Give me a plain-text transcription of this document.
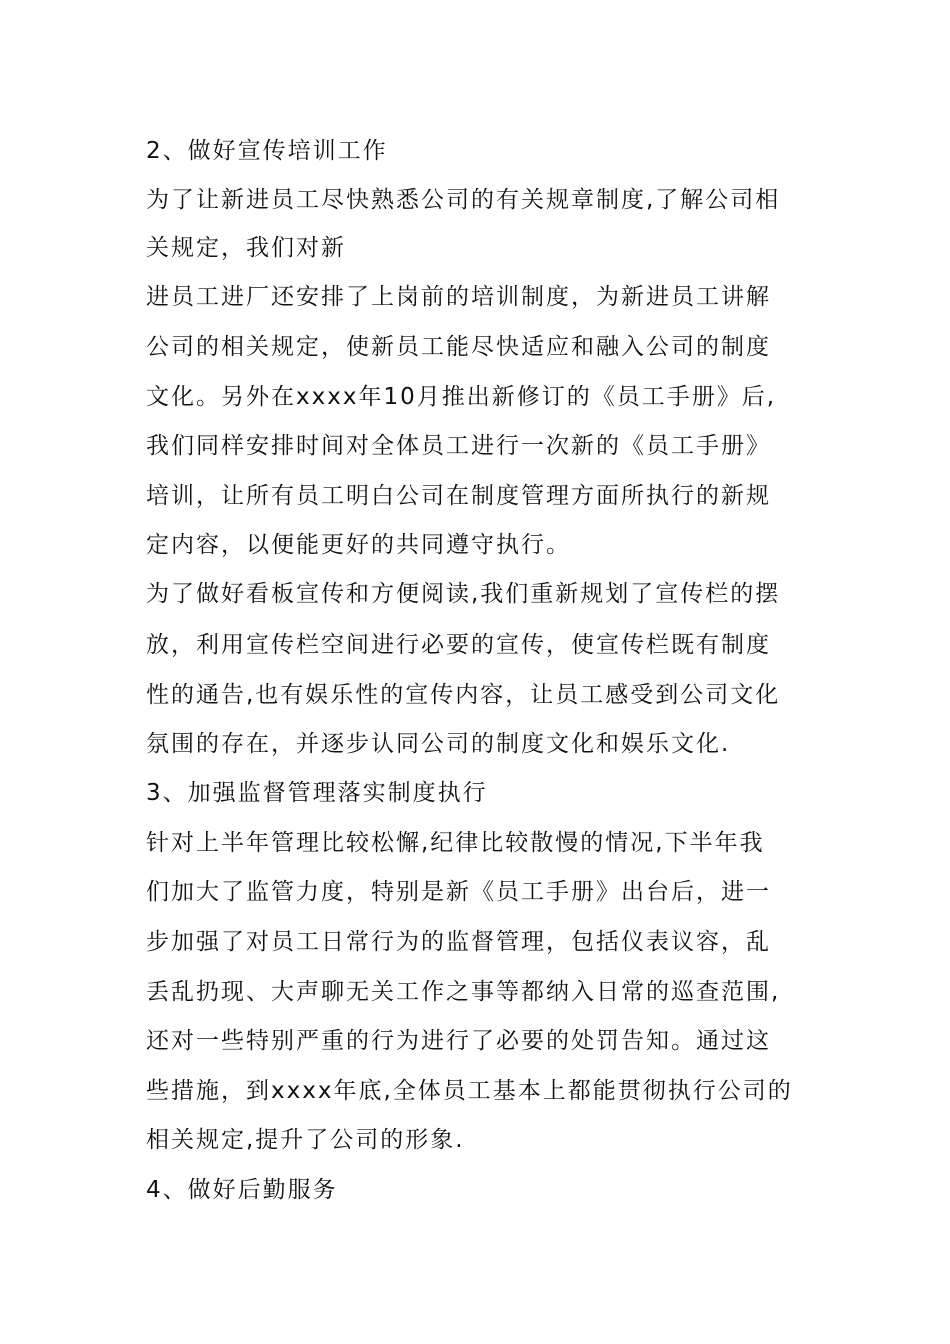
2、做好宣传培训工作
为了让新进员工尽快熟悉公司的有关规章制度,了解公司相
关规定，我们对新
进员工进厂还安排了上岗前的培训制度，为新进员工讲解
公司的相关规定，使新员工能尽快适应和融入公司的制度
文化。另外在xxxx年10月推出新修订的《员工手册》后,
我们同样安排时间对全体员工进行一次新的《员工手册》
培训，让所有员工明白公司在制度管理方面所执行的新规
定内容，以便能更好的共同遵守执行。
为了做好看板宣传和方便阅读,我们重新规划了宣传栏的摆
放，利用宣传栏空间进行必要的宣传，使宣传栏既有制度
性的通告,也有娱乐性的宣传内容，让员工感受到公司文化
氛围的存在，并逐步认同公司的制度文化和娱乐文化.
3、加强监督管理落实制度执行
针对上半年管理比较松懈,纪律比较散慢的情况,下半年我
们加大了监管力度，特别是新《员工手册》出台后，进一
步加强了对员工日常行为的监督管理，包括仪表议容，乱
丢乱扔现、大声聊无关工作之事等都纳入日常的巡查范围,
还对一些特别严重的行为进行了必要的处罚告知。通过这
些措施，到xxxx年底,全体员工基本上都能贯彻执行公司的
相关规定,提升了公司的形象.
4、做好后勤服务
